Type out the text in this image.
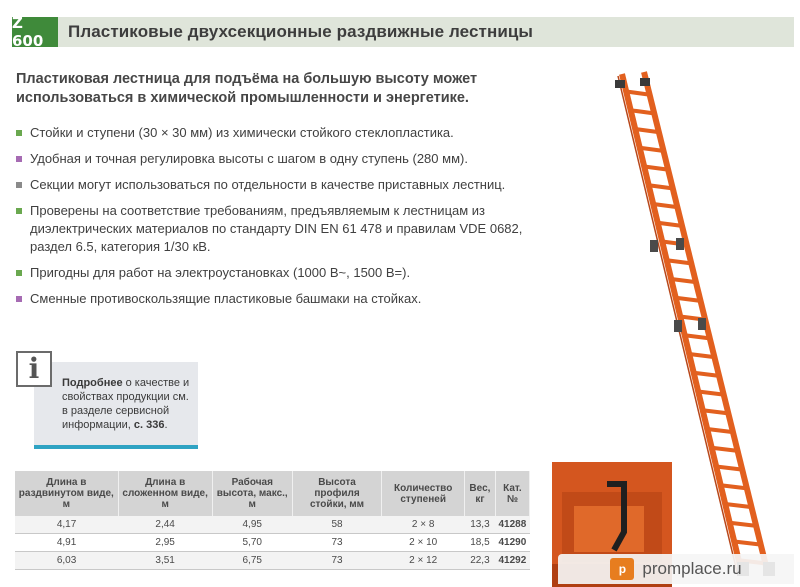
Z 600	Пластиковые двухсекционные раздвижные лестницы
Пластиковая лестница для подъёма на большую высоту может использоваться в химической промышленности и энергетике.
Стойки и ступени (30 × 30 мм) из химически стойкого стеклопластика.
Удобная и точная регулировка высоты с шагом в одну ступень (280 мм).
Секции могут использоваться по отдельности в качестве приставных лестниц.
Проверены на соответствие требованиям, предъявляемым к лестницам из диэлектрических материалов по стандарту DIN EN 61 478 и правилам VDE 0682, раздел 6.5, категория 1/30 кВ.
Пригодны для работ на электроустановках (1000 В~, 1500 В=).
Сменные противоскользящие пластиковые башмаки на стойках.

Подробнее о качестве и свойствах продукции см. в разделе сервисной информации, с. 336.

i
Длина в раздвинутом виде, м	Длина в сложенном виде, м	Рабочая высота, макс., м	Высота профиля стойки, мм	Количество ступеней	Вес, кг	Кат. №
4,17	2,44	4,95	58	2 × 8	13,3	41288
4,91	2,95	5,70	73	2 × 10	18,5	41290
6,03	3,51	6,75	73	2 × 12	22,3	41292
p promplace.ru
